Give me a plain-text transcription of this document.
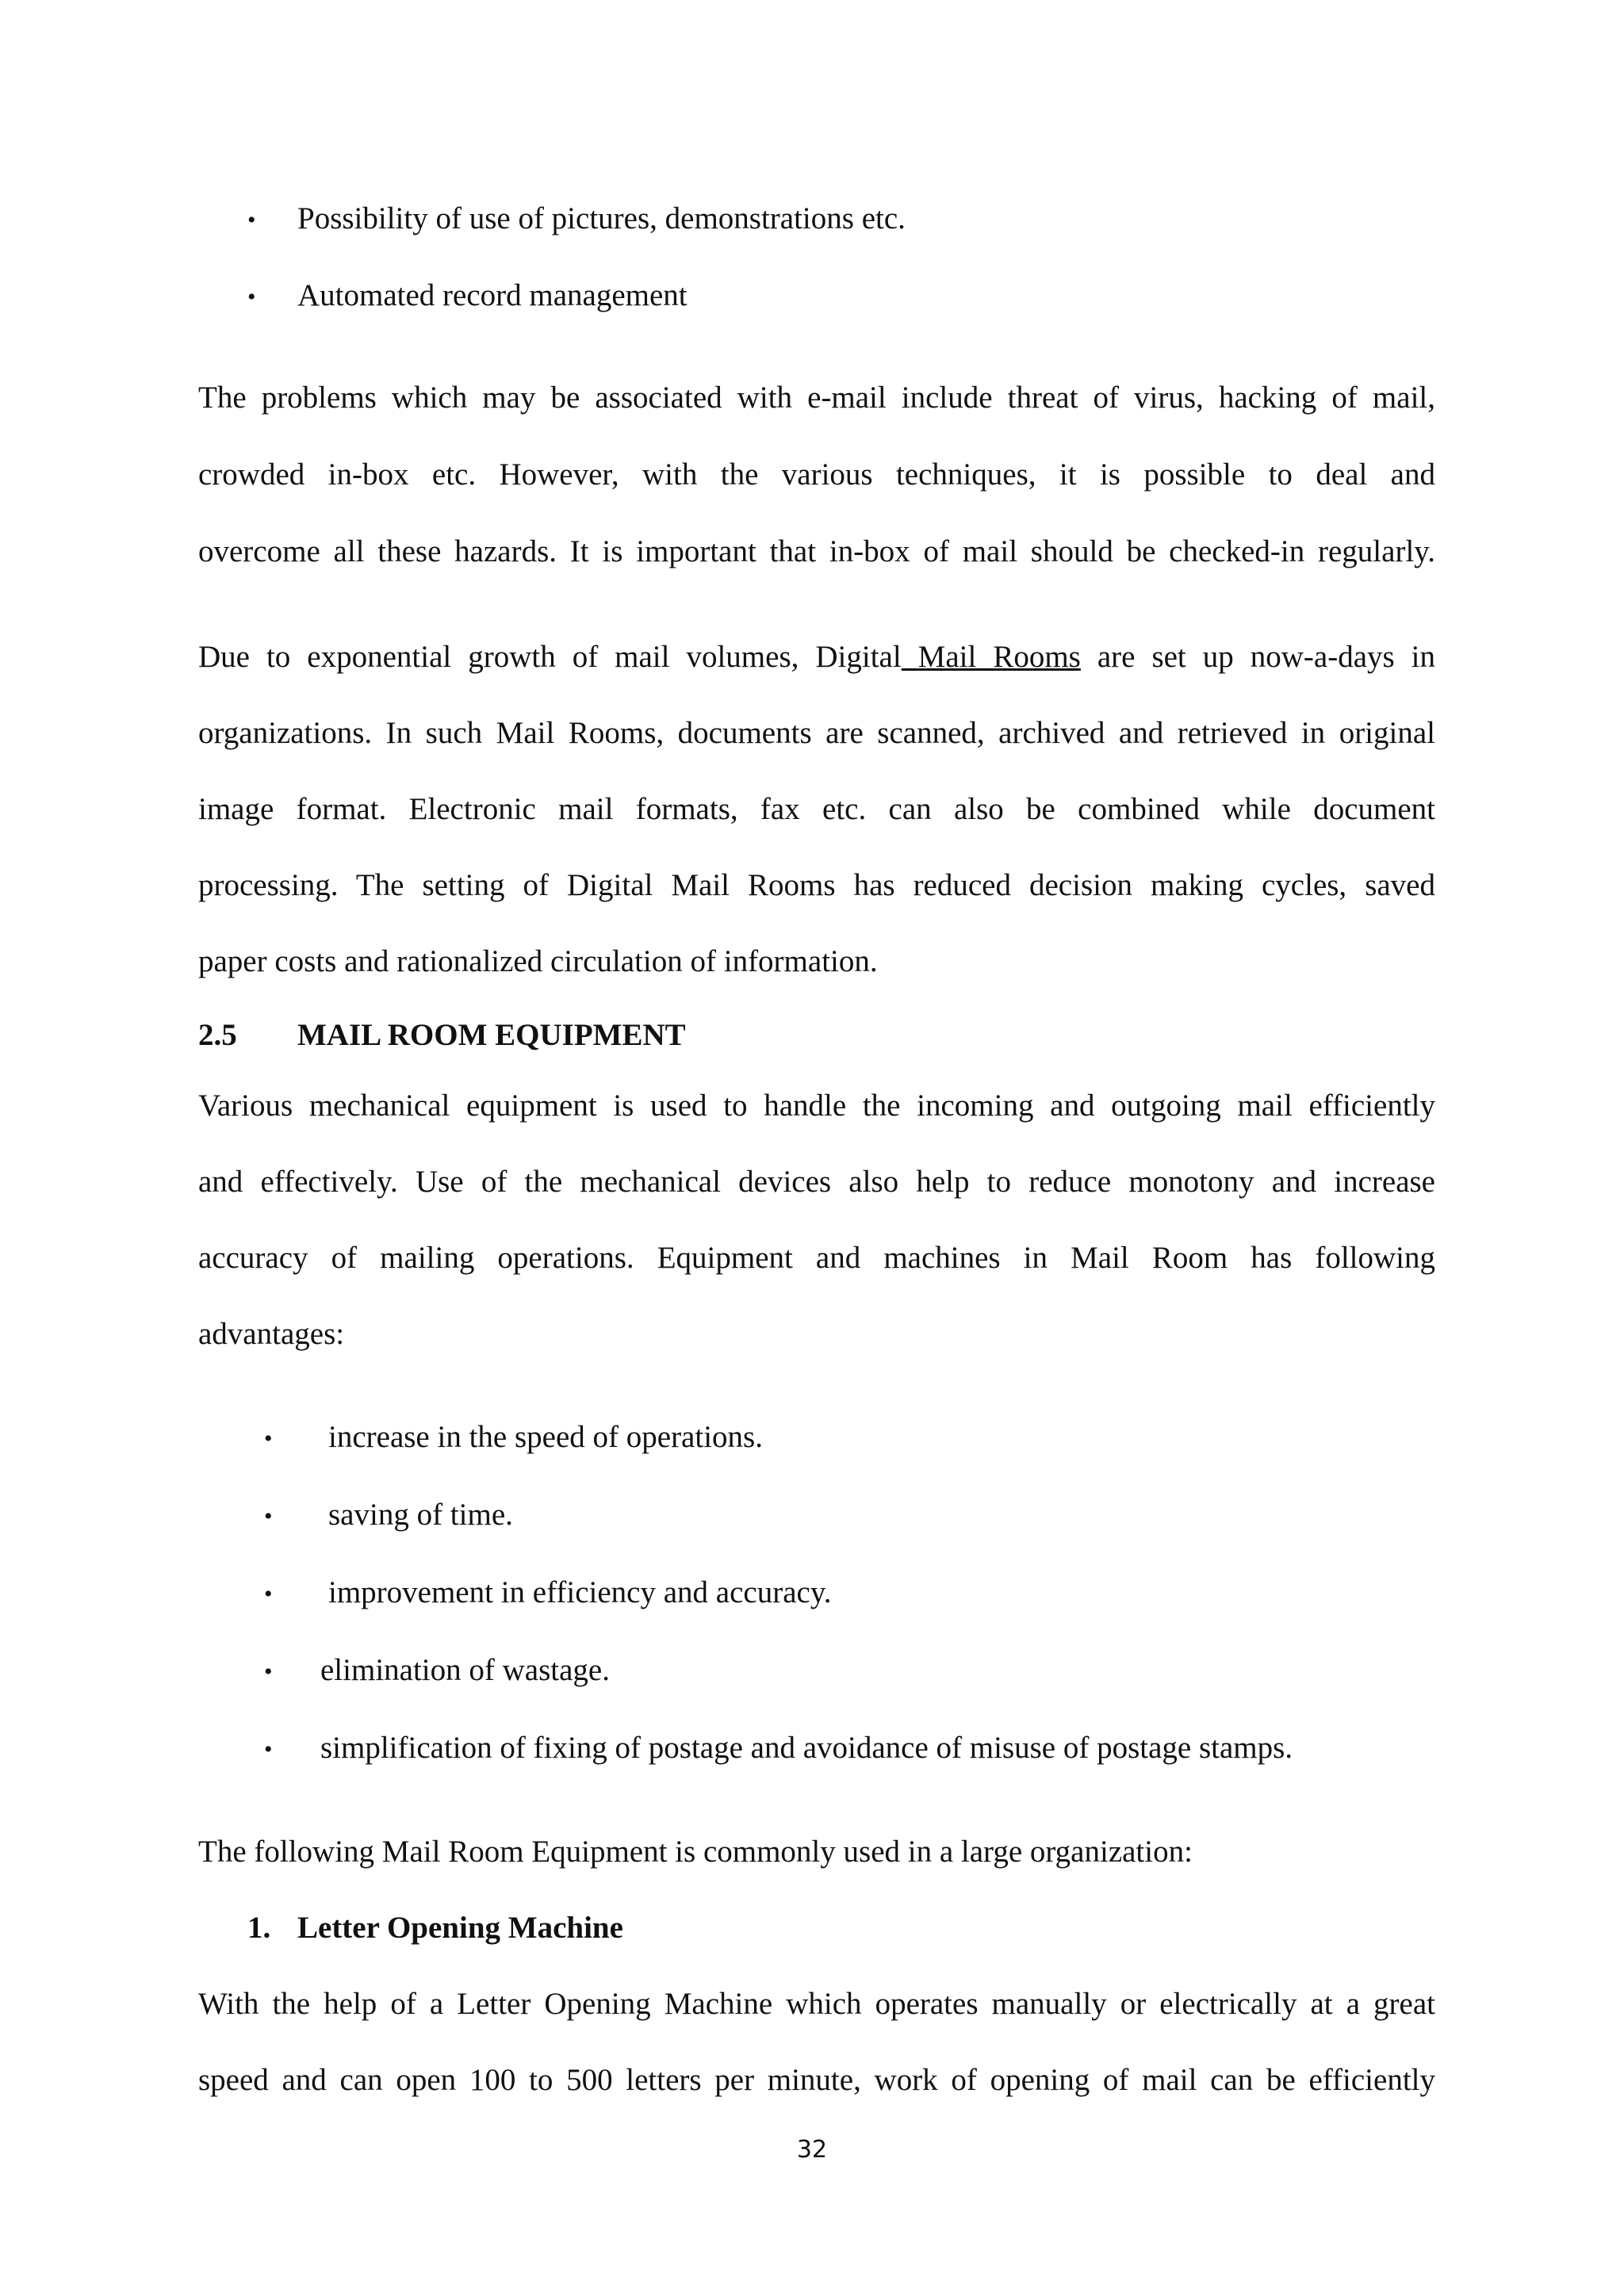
• Possibility of use of pictures, demonstrations etc.
• Automated record management
The problems which may be associated with e-mail include threat of virus, hacking of mail,
crowded in-box etc. However, with the various techniques, it is possible to deal and
overcome all these hazards. It is important that in-box of mail should be checked-in regularly.
Due to exponential growth of mail volumes, Digital Mail Rooms are set up now-a-days in
organizations. In such Mail Rooms, documents are scanned, archived and retrieved in original
image format. Electronic mail formats, fax etc. can also be combined while document
processing. The setting of Digital Mail Rooms has reduced decision making cycles, saved
paper costs and rationalized circulation of information.
2.5 MAIL ROOM EQUIPMENT
Various mechanical equipment is used to handle the incoming and outgoing mail efficiently
and effectively. Use of the mechanical devices also help to reduce monotony and increase
accuracy of mailing operations. Equipment and machines in Mail Room has following
advantages:
• increase in the speed of operations.
• saving of time.
• improvement in efficiency and accuracy.
• elimination of wastage.
• simplification of fixing of postage and avoidance of misuse of postage stamps.
The following Mail Room Equipment is commonly used in a large organization:
1. Letter Opening Machine
With the help of a Letter Opening Machine which operates manually or electrically at a great
speed and can open 100 to 500 letters per minute, work of opening of mail can be efficiently
32
